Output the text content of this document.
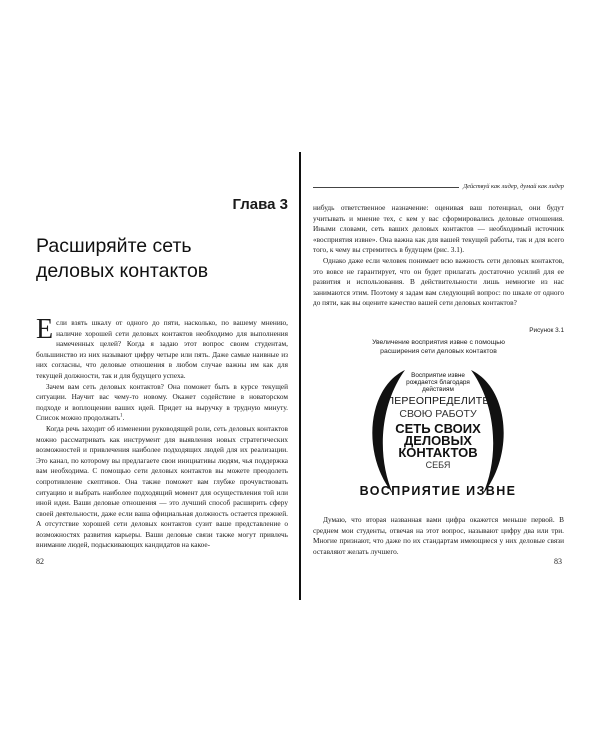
Глава 3
Расширяйте сеть
деловых контактов

Если взять шкалу от одного до пяти, насколько, по вашему мнению, наличие хорошей сети деловых контактов необходимо для выполнения намеченных целей? Когда я задаю этот вопрос своим студентам, большинство из них называют цифру четыре или пять. Даже самые наивные из них согласны, что деловые отношения в любом случае важны им как для текущей должности, так и для будущего успеха.

Зачем вам сеть деловых контактов? Она поможет быть в курсе текущей ситуации. Научит вас чему-то новому. Окажет содействие в новаторском подходе и воплощении ваших идей. Придет на выручку в трудную минуту. Список можно продолжать$^1$.

Когда речь заходит об изменении руководящей роли, сеть деловых контактов можно рассматривать как инструмент для выявления новых стратегических возможностей и привлечения наиболее подходящих людей для их реализации. Это канал, по которому вы предлагаете свои инициативы людям, чья поддержка вам необходима. С помощью сети деловых контактов вы можете преодолеть сопротивление скептиков. Она также поможет вам глубже прочувствовать ситуацию и выбрать наиболее подходящий момент для осуществления той или иной идеи. Ваши деловые отношения — это лучший способ расширить сферу своей деятельности, даже если ваша официальная должность остается прежней. А отсутствие хорошей сети деловых контактов сузит ваше представление о возможностях развития карьеры. Ваши деловые связи также могут привлечь внимание людей, подыскивающих кандидатов на какое-

82
Действуй как лидер, думай как лидер

нибудь ответственное назначение: оценивая ваш потенциал, они будут учитывать и мнение тех, с кем у вас сформировались деловые отношения. Иными словами, сеть ваших деловых контактов — необходимый источник «восприятия извне». Она важна как для вашей текущей работы, так и для всего того, к чему вы стремитесь в будущем (рис. 3.1).

Однако даже если человек понимает всю важность сети деловых контактов, это вовсе не гарантирует, что он будет прилагать достаточно усилий для ее развития и использования. В действительности лишь немногие из нас занимаются этим. Поэтому я задам вам следующий вопрос: по шкале от одного до пяти, как вы оцените качество вашей сети деловых контактов?

Рисунок 3.1
Увеличение восприятия извне с помощью
расширения сети деловых контактов
Восприятие извне
рождается благодаря
действиям
ПЕРЕОПРЕДЕЛИТЕ
СВОЮ РАБОТУ
СЕТЬ СВОИХ
ДЕЛОВЫХ
КОНТАКТОВ
СЕБЯ
ВОСПРИЯТИЕ ИЗВНЕ

Думаю, что вторая названная вами цифра окажется меньше первой. В среднем мои студенты, отвечая на этот вопрос, называют цифру два или три. Многие признают, что даже по их стандартам имеющиеся у них деловые связи оставляют желать лучшего.

83
